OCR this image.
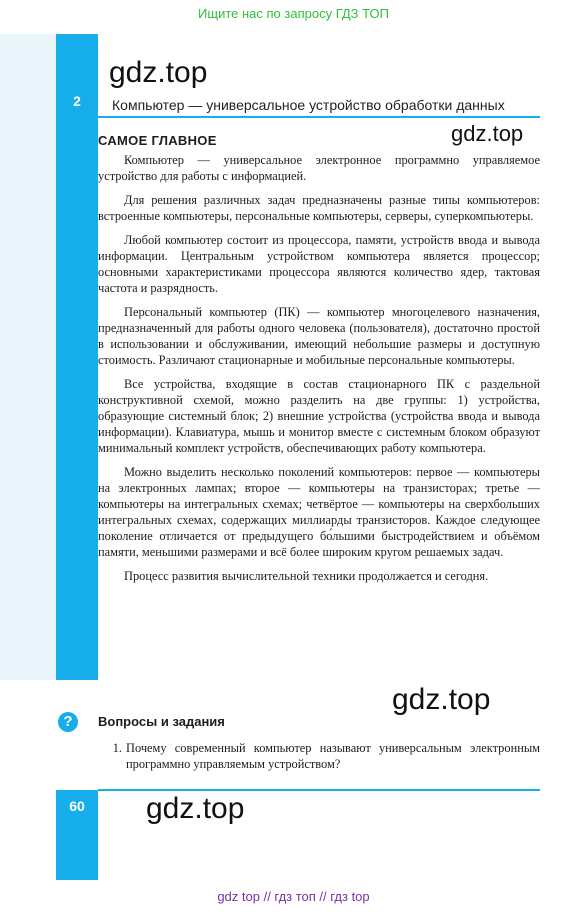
Ищите нас по запросу ГДЗ ТОП
2	Компьютер — универсальное устройство обработки данных
gdz.top
gdz.top
САМОЕ ГЛАВНОЕ

Компьютер — универсальное электронное программно управляемое устройство для работы с информацией.

Для решения различных задач предназначены разные типы компьютеров: встроенные компьютеры, персональные компьютеры, серверы, суперкомпьютеры.

Любой компьютер состоит из процессора, памяти, устройств ввода и вывода информации. Центральным устройством компьютера является процессор; основными характеристиками процессора являются количество ядер, тактовая частота и разрядность.

Персональный компьютер (ПК) — компьютер многоцелевого назначения, предназначенный для работы одного человека (пользователя), достаточно простой в использовании и обслуживании, имеющий небольшие размеры и доступную стоимость. Различают стационарные и мобильные персональные компьютеры.

Все устройства, входящие в состав стационарного ПК с раздельной конструктивной схемой, можно разделить на две группы: 1) устройства, образующие системный блок; 2) внешние устройства (устройства ввода и вывода информации). Клавиатура, мышь и монитор вместе с системным блоком образуют минимальный комплект устройств, обеспечивающих работу компьютера.

Можно выделить несколько поколений компьютеров: первое — компьютеры на электронных лампах; второе — компьютеры на транзисторах; третье — компьютеры на интегральных схемах; четвёртое — компьютеры на сверхбольших интегральных схемах, содержащих миллиарды транзисторов. Каждое следующее поколение отличается от предыдущего бо́льшими быстродействием и объёмом памяти, меньшими размерами и всё более широким кругом решаемых задач.

Процесс развития вычислительной техники продолжается и сегодня.

gdz.top
?	Вопросы и задания
1. Почему современный компьютер называют универсальным электронным программно управляемым устройством?
60	gdz.top
gdz top // гдз топ // гдз top
